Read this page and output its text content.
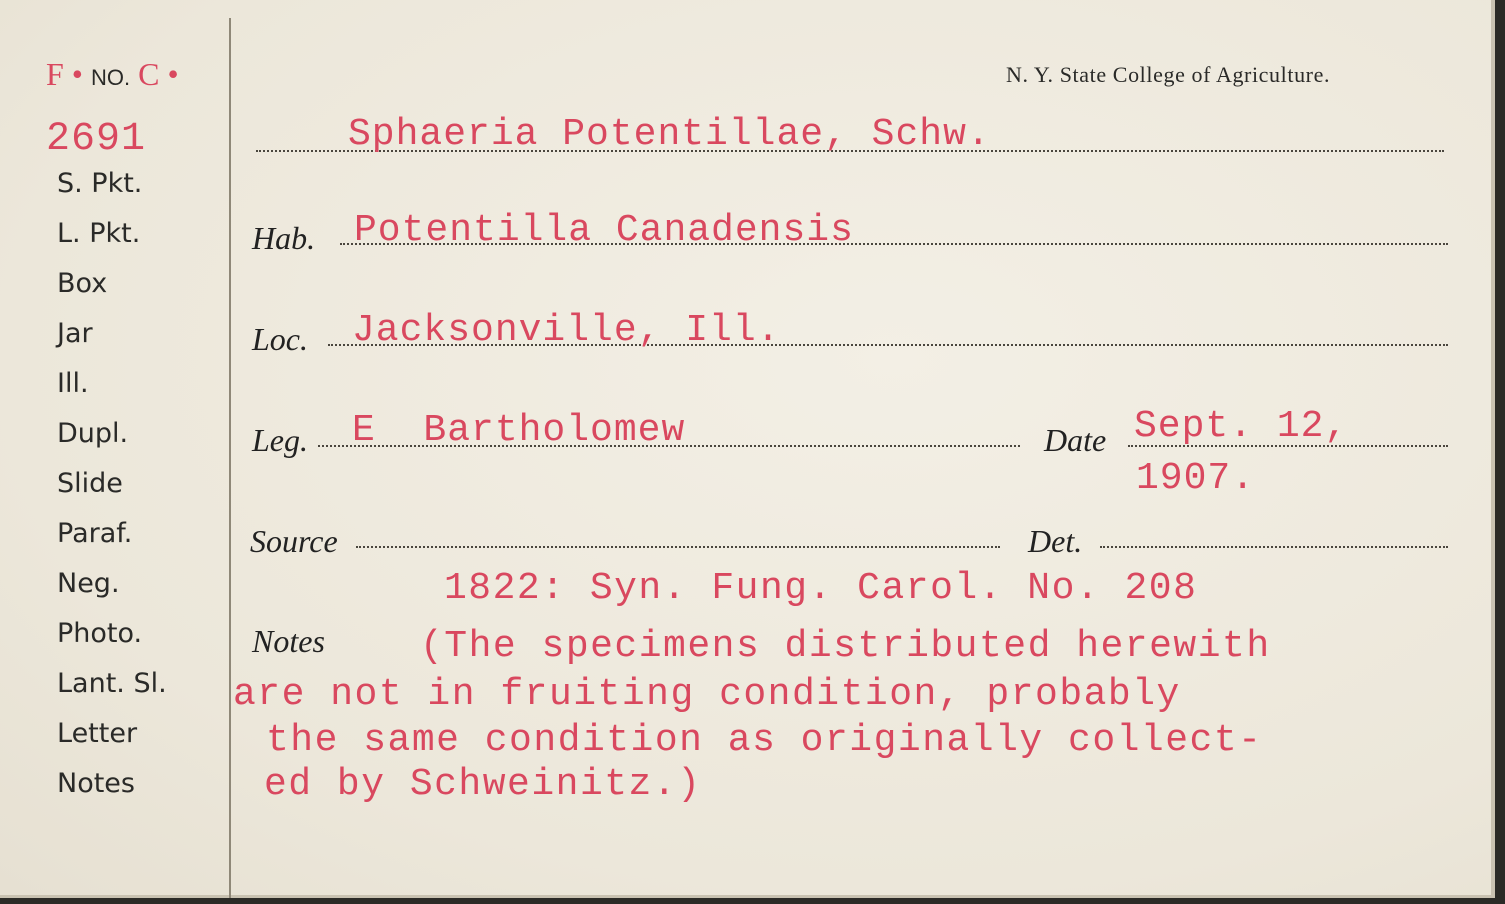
F • NO. C •
2691
N. Y. State College of Agriculture.
S. Pkt.
L. Pkt.
Box
Jar
Ill.
Dupl.
Slide
Paraf.
Neg.
Photo.
Lant. Sl.
Letter
Notes
Sphaeria Potentillae, Schw.
Hab. Potentilla Canadensis
Loc. Jacksonville, Ill.
Leg. E  Bartholomew	Date Sept. 12,
1907.
Source	Det.
Notes
1822: Syn. Fung. Carol. No. 208
(The specimens distributed herewith
are not in fruiting condition, probably
the same condition as originally collect-
ed by Schweinitz.)
